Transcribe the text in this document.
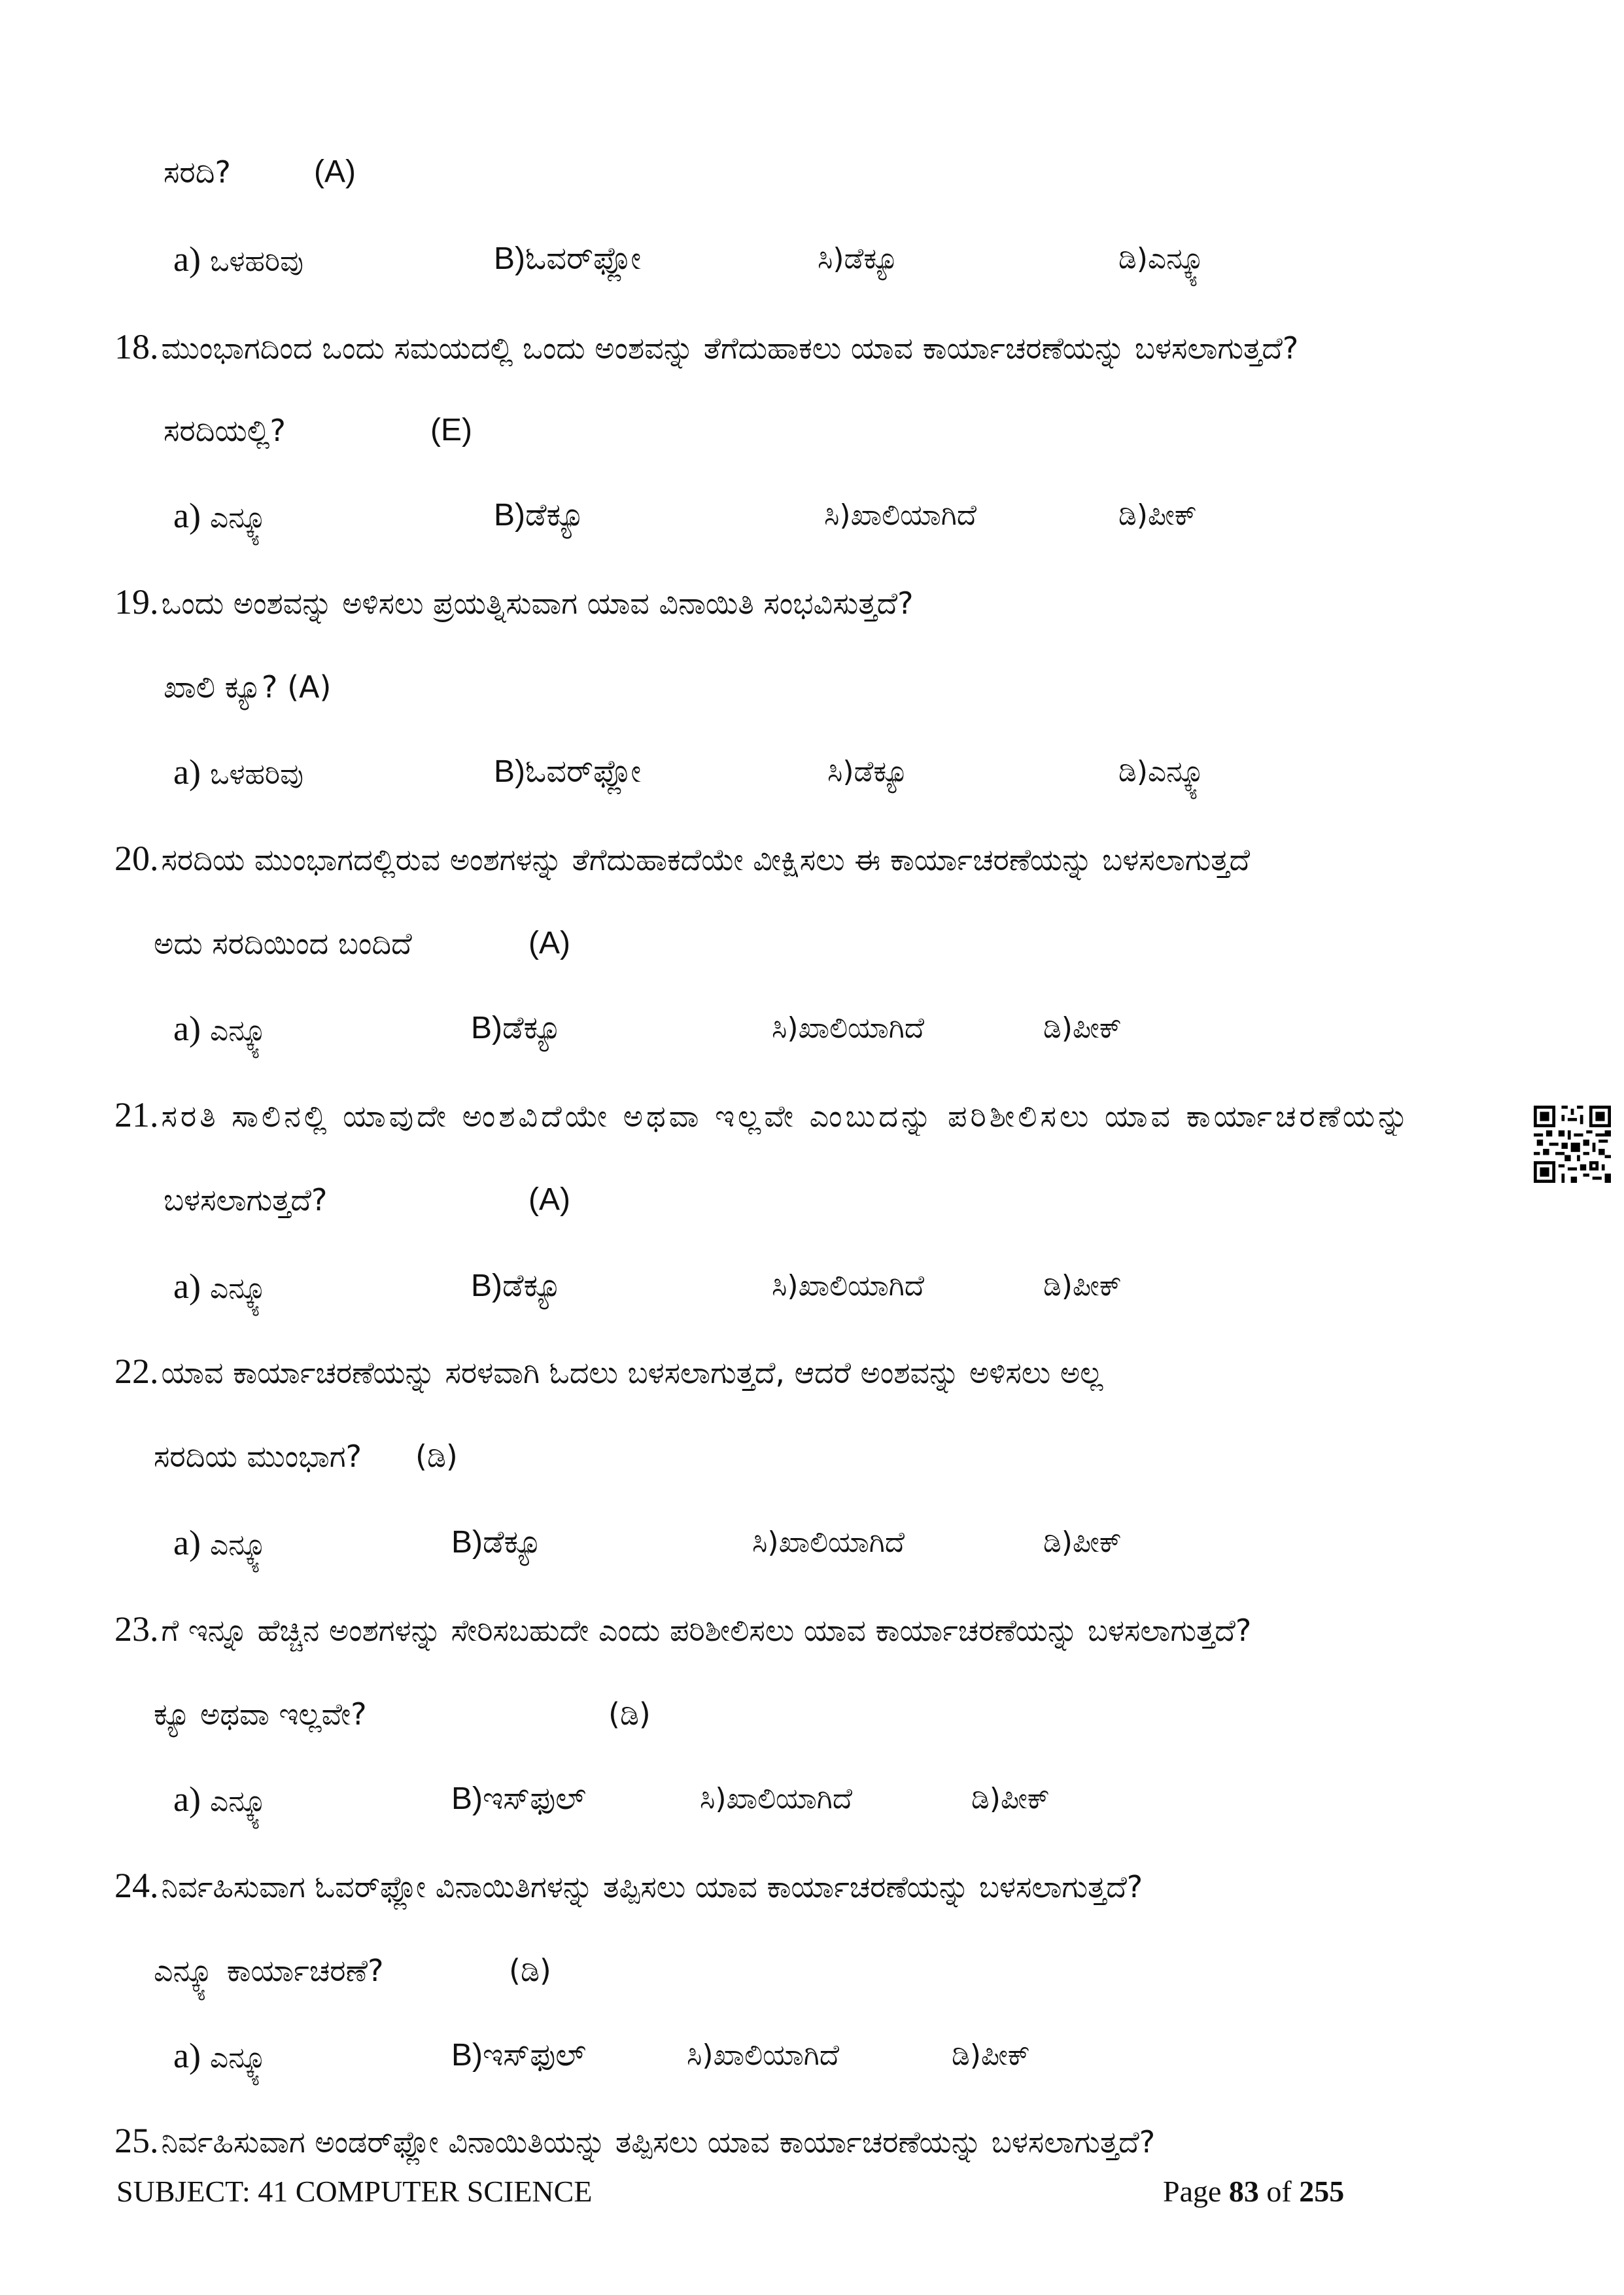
ಸರದಿ?	(A)
a) ಒಳಹರಿವು	B)ಓವರ್‌ಫ್ಲೋ	ಸಿ)ಡೆಕ್ಯೂ	ಡಿ)ಎನ್ಕ್ಯೂ
18.ಮುಂಭಾಗದಿಂದ ಒಂದು ಸಮಯದಲ್ಲಿ ಒಂದು ಅಂಶವನ್ನು ತೆಗೆದುಹಾಕಲು ಯಾವ ಕಾರ್ಯಾಚರಣೆಯನ್ನು ಬಳಸಲಾಗುತ್ತದೆ?
ಸರದಿಯಲ್ಲಿ?	(E)
a) ಎನ್ಕ್ಯೂ	B)ಡೆಕ್ಯೂ	ಸಿ)ಖಾಲಿಯಾಗಿದೆ	ಡಿ)ಪೀಕ್
19.ಒಂದು ಅಂಶವನ್ನು ಅಳಿಸಲು ಪ್ರಯತ್ನಿಸುವಾಗ ಯಾವ ವಿನಾಯಿತಿ ಸಂಭವಿಸುತ್ತದೆ?
ಖಾಲಿ ಕ್ಯೂ? (A)
a) ಒಳಹರಿವು	B)ಓವರ್‌ಫ್ಲೋ	ಸಿ)ಡೆಕ್ಯೂ	ಡಿ)ಎನ್ಕ್ಯೂ
20.ಸರದಿಯ ಮುಂಭಾಗದಲ್ಲಿರುವ ಅಂಶಗಳನ್ನು ತೆಗೆದುಹಾಕದೆಯೇ ವೀಕ್ಷಿಸಲು ಈ ಕಾರ್ಯಾಚರಣೆಯನ್ನು ಬಳಸಲಾಗುತ್ತದೆ
ಅದು ಸರದಿಯಿಂದ ಬಂದಿದೆ	(A)
a) ಎನ್ಕ್ಯೂ	B)ಡೆಕ್ಯೂ	ಸಿ)ಖಾಲಿಯಾಗಿದೆ	ಡಿ)ಪೀಕ್
21.ಸರತಿ ಸಾಲಿನಲ್ಲಿ ಯಾವುದೇ ಅಂಶವಿದೆಯೇ ಅಥವಾ ಇಲ್ಲವೇ ಎಂಬುದನ್ನು ಪರಿಶೀಲಿಸಲು ಯಾವ ಕಾರ್ಯಾಚರಣೆಯನ್ನು
ಬಳಸಲಾಗುತ್ತದೆ?	(A)
a) ಎನ್ಕ್ಯೂ	B)ಡೆಕ್ಯೂ	ಸಿ)ಖಾಲಿಯಾಗಿದೆ	ಡಿ)ಪೀಕ್
22.ಯಾವ ಕಾರ್ಯಾಚರಣೆಯನ್ನು ಸರಳವಾಗಿ ಓದಲು ಬಳಸಲಾಗುತ್ತದೆ, ಆದರೆ ಅಂಶವನ್ನು ಅಳಿಸಲು ಅಲ್ಲ
ಸರದಿಯ ಮುಂಭಾಗ? (ಡಿ)
a) ಎನ್ಕ್ಯೂ	B)ಡೆಕ್ಯೂ	ಸಿ)ಖಾಲಿಯಾಗಿದೆ	ಡಿ)ಪೀಕ್
23.ಗೆ ಇನ್ನೂ ಹೆಚ್ಚಿನ ಅಂಶಗಳನ್ನು ಸೇರಿಸಬಹುದೇ ಎಂದು ಪರಿಶೀಲಿಸಲು ಯಾವ ಕಾರ್ಯಾಚರಣೆಯನ್ನು ಬಳಸಲಾಗುತ್ತದೆ?
ಕ್ಯೂ ಅಥವಾ ಇಲ್ಲವೇ?	(ಡಿ)
a) ಎನ್ಕ್ಯೂ	B)ಇಸ್‌ಫುಲ್	ಸಿ)ಖಾಲಿಯಾಗಿದೆ	ಡಿ)ಪೀಕ್
24.ನಿರ್ವಹಿಸುವಾಗ ಓವರ್‌ಫ್ಲೋ ವಿನಾಯಿತಿಗಳನ್ನು ತಪ್ಪಿಸಲು ಯಾವ ಕಾರ್ಯಾಚರಣೆಯನ್ನು ಬಳಸಲಾಗುತ್ತದೆ?
ಎನ್ಕ್ಯೂ ಕಾರ್ಯಾಚರಣೆ?	(ಡಿ)
a) ಎನ್ಕ್ಯೂ	B)ಇಸ್‌ಫುಲ್	ಸಿ)ಖಾಲಿಯಾಗಿದೆ	ಡಿ)ಪೀಕ್
25.ನಿರ್ವಹಿಸುವಾಗ ಅಂಡರ್‌ಫ್ಲೋ ವಿನಾಯಿತಿಯನ್ನು ತಪ್ಪಿಸಲು ಯಾವ ಕಾರ್ಯಾಚರಣೆಯನ್ನು ಬಳಸಲಾಗುತ್ತದೆ?
SUBJECT: 41 COMPUTER SCIENCE	Page 83 of 255
